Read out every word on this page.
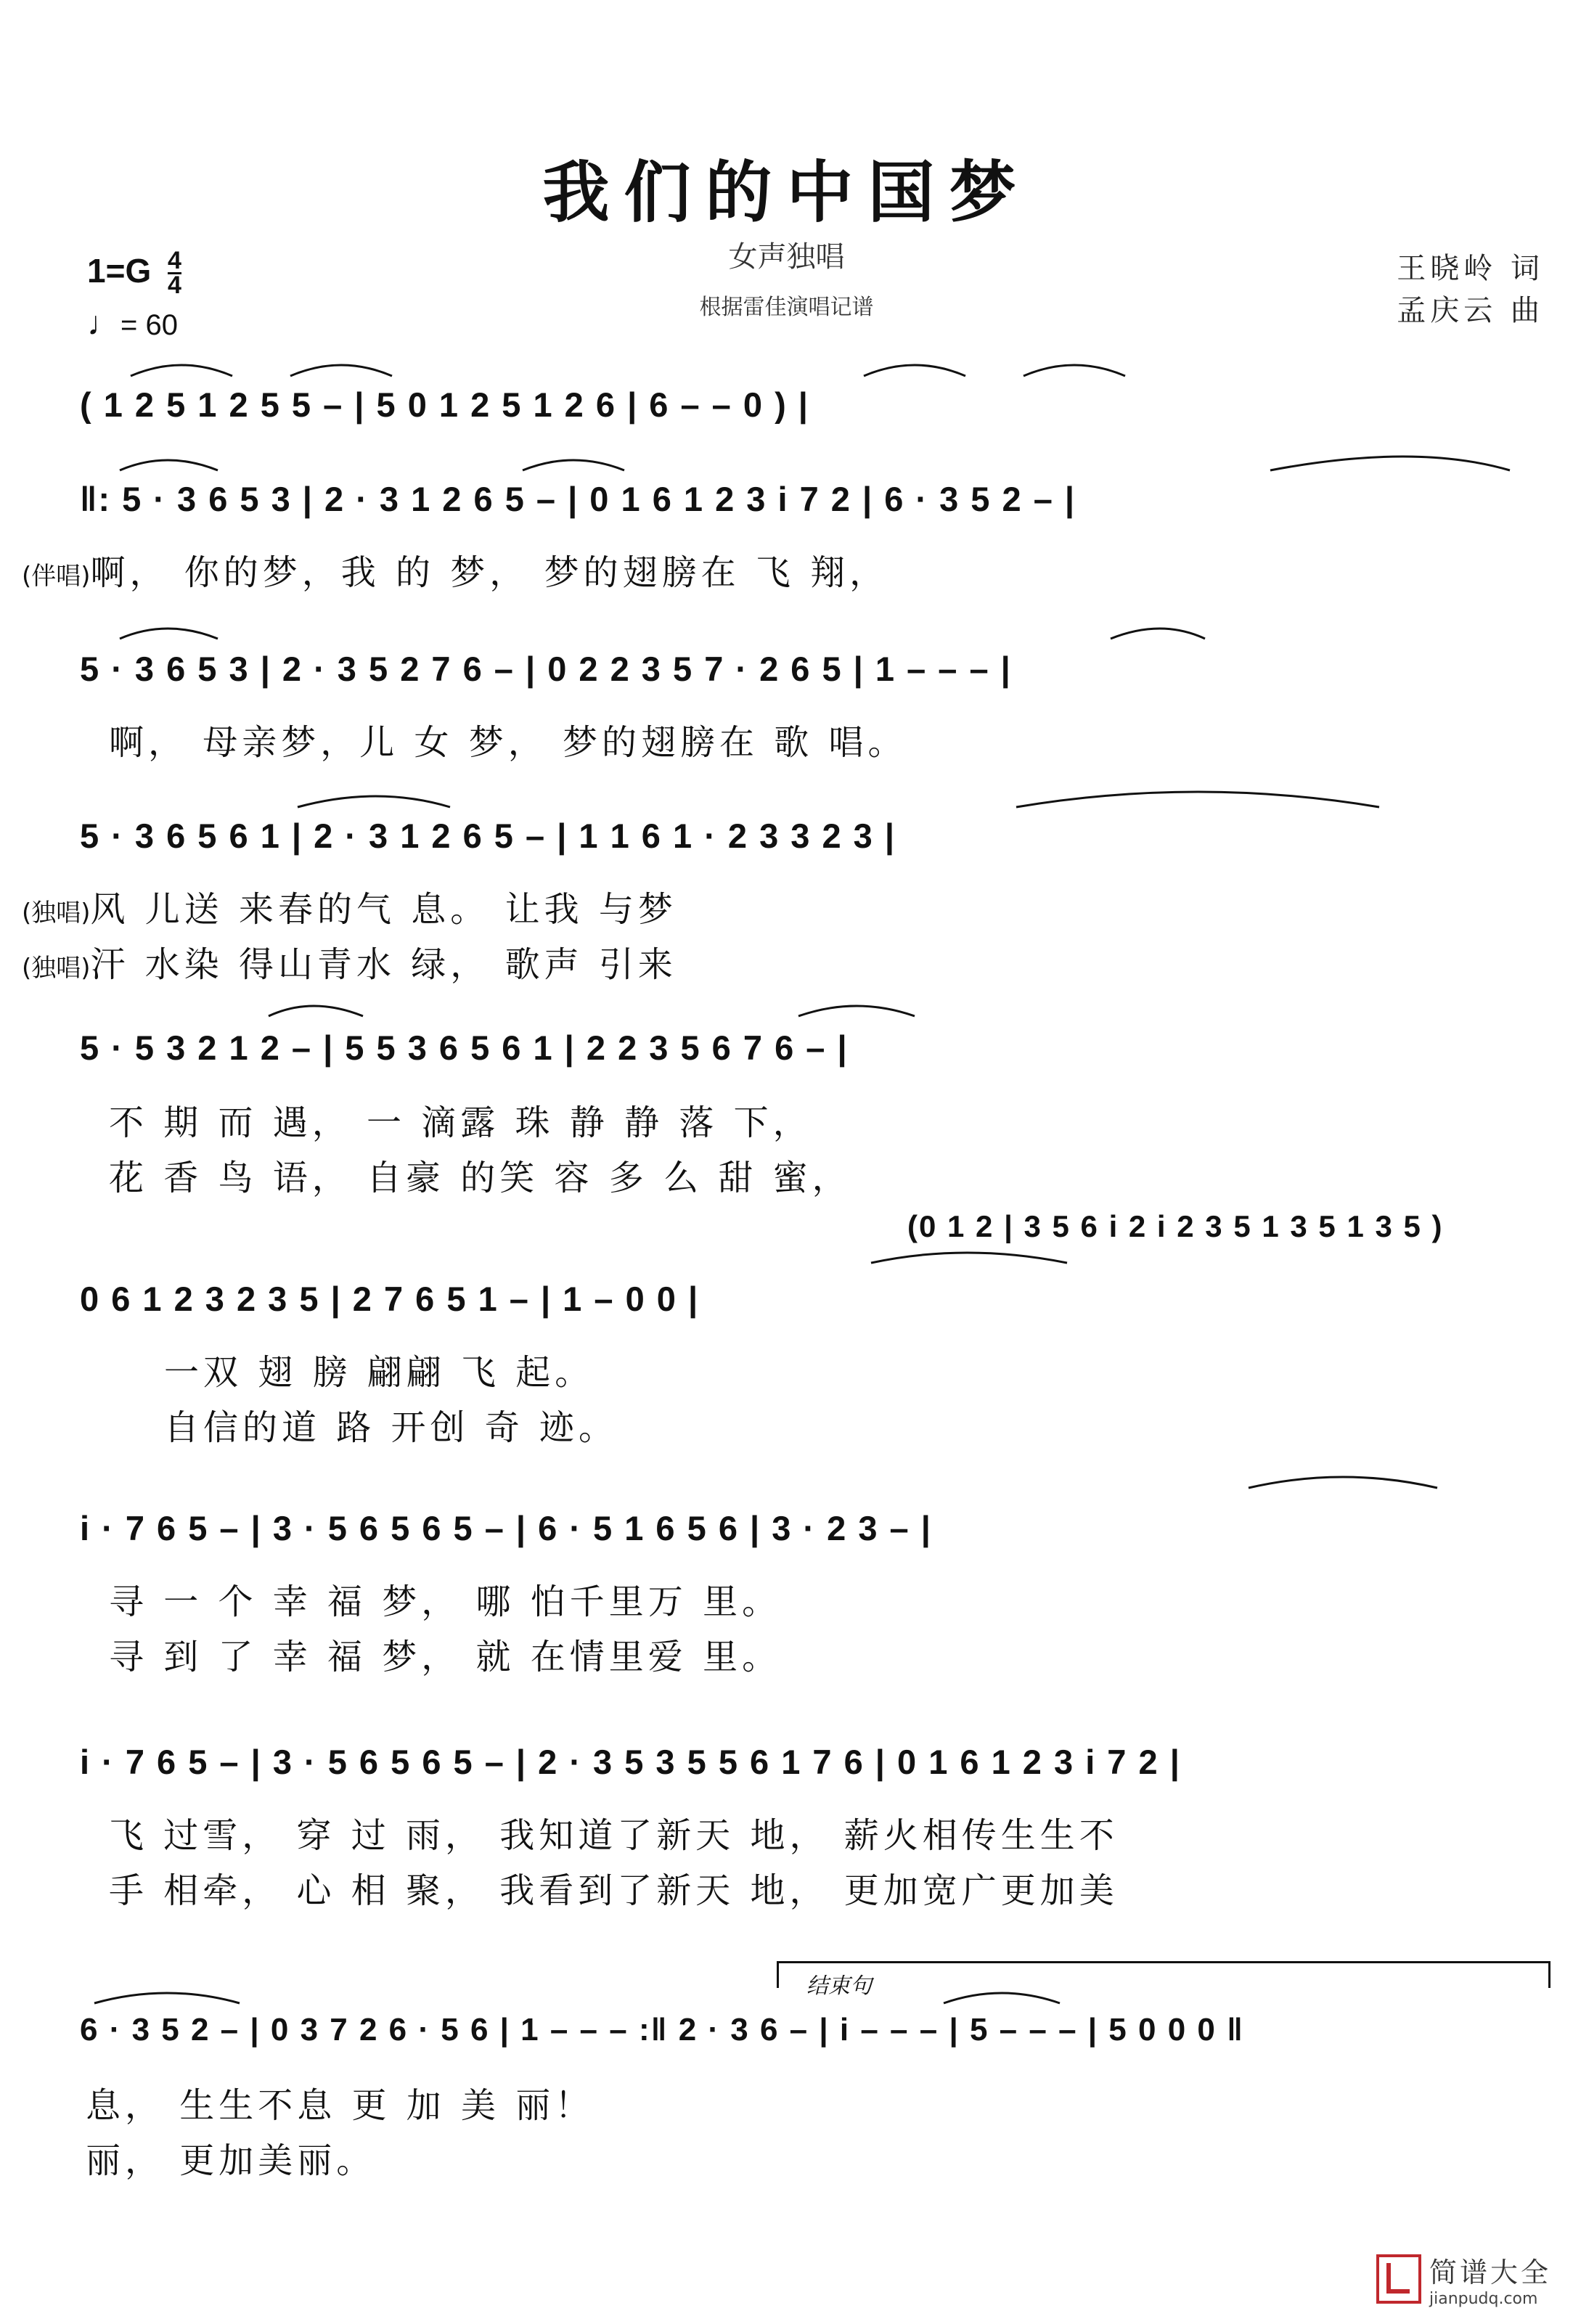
我们的中国梦
女声独唱
根据雷佳演唱记谱
$1=G \frac{4}{4}$
♩= 60
王晓岭 词
孟庆云 曲
结束句
( 1 2 5 1 2 5 5 – | 5 0 1 2 5 1 2 6 | 6 – – 0 ) |
‖: 5 · 3 6 5 3 | 2 · 3 1 2 6 5 – | 0 1 6 1 2 3 i 7 2 | 6 · 3 5 2 – |
5 · 3 6 5 3 | 2 · 3 5 2 7 6 – | 0 2 2 3 5 7 · 2 6 5 | 1 – – – |
5 · 3 6 5 6 1 | 2 · 3 1 2 6 5 – | 1 1 6 1 · 2 3 3 2 3 |
5 · 5 3 2 1 2 – | 5 5 3 6 5 6 1 | 2 2 3 5 6 7 6 – |
(0 1 2 | 3 5 6 i 2 i 2 3 5 1 3 5 1 3 5 )
0 6 1 2 3 2 3 5 | 2 7 6 5 1 – | 1 – 0 0 |
i · 7 6 5 – | 3 · 5 6 5 6 5 – | 6 · 5 1 6 5 6 | 3 · 2 3 – |
i · 7 6 5 – | 3 · 5 6 5 6 5 – | 2 · 3 5 3 5 5 6 1 7 6 | 0 1 6 1 2 3 i 7 2 |
6 · 3 5 2 – | 0 3 7 2 6 · 5 6 | 1 – – – :‖ 2 · 3 6 – | i – – – | 5 – – – | 5 0 0 0 ‖
(伴唱)啊， 你的梦，我 的 梦， 梦的翅膀在 飞 翔，
啊， 母亲梦，儿 女 梦， 梦的翅膀在 歌 唱。
(独唱)风 儿送 来春的气 息。 让我 与梦
(独唱)汗 水染 得山青水 绿， 歌声 引来
不 期 而 遇， 一 滴露 珠 静 静 落 下，
花 香 鸟 语， 自豪 的笑 容 多 么 甜 蜜，
一双 翅 膀 翩翩 飞 起。
自信的道 路 开创 奇 迹。
寻 一 个 幸 福 梦， 哪 怕千里万 里。
寻 到 了 幸 福 梦， 就 在情里爱 里。
飞 过雪， 穿 过 雨， 我知道了新天 地， 薪火相传生生不
手 相牵， 心 相 聚， 我看到了新天 地， 更加宽广更加美
息， 生生不息 更 加 美 丽！
丽， 更加美丽。

简谱大全
jianpudq.com
